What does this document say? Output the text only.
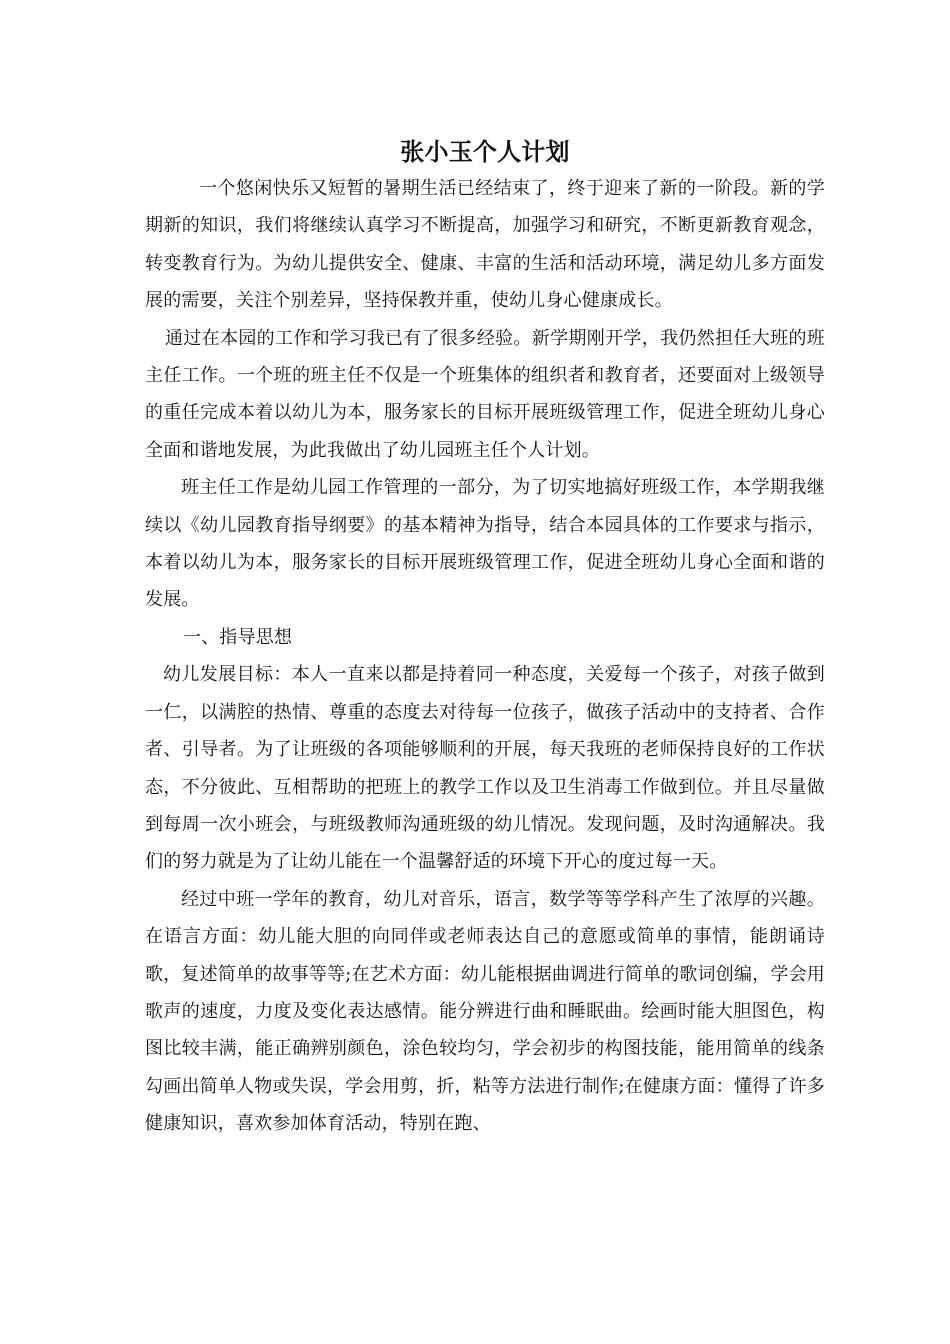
张小玉个人计划

一个悠闲快乐又短暂的暑期生活已经结束了，终于迎来了新的一阶段。新的学期新的知识，我们将继续认真学习不断提高，加强学习和研究，不断更新教育观念，转变教育行为。为幼儿提供安全、健康、丰富的生活和活动环境，满足幼儿多方面发展的需要，关注个别差异，坚持保教并重，使幼儿身心健康成长。

通过在本园的工作和学习我已有了很多经验。新学期刚开学，我仍然担任大班的班主任工作。一个班的班主任不仅是一个班集体的组织者和教育者，还要面对上级领导的重任完成本着以幼儿为本，服务家长的目标开展班级管理工作，促进全班幼儿身心全面和谐地发展，为此我做出了幼儿园班主任个人计划。

班主任工作是幼儿园工作管理的一部分，为了切实地搞好班级工作，本学期我继续以《幼儿园教育指导纲要》的基本精神为指导，结合本园具体的工作要求与指示，本着以幼儿为本，服务家长的目标开展班级管理工作，促进全班幼儿身心全面和谐的发展。

一、指导思想

幼儿发展目标：本人一直来以都是持着同一种态度，关爱每一个孩子，对孩子做到一仁，以满腔的热情、尊重的态度去对待每一位孩子，做孩子活动中的支持者、合作者、引导者。为了让班级的各项能够顺利的开展，每天我班的老师保持良好的工作状态，不分彼此、互相帮助的把班上的教学工作以及卫生消毒工作做到位。并且尽量做到每周一次小班会，与班级教师沟通班级的幼儿情况。发现问题，及时沟通解决。我们的努力就是为了让幼儿能在一个温馨舒适的环境下开心的度过每一天。

经过中班一学年的教育，幼儿对音乐，语言，数学等等学科产生了浓厚的兴趣。在语言方面：幼儿能大胆的向同伴或老师表达自己的意愿或简单的事情，能朗诵诗歌，复述简单的故事等等;在艺术方面：幼儿能根据曲调进行简单的歌词创编，学会用歌声的速度，力度及变化表达感情。能分辨进行曲和睡眠曲。绘画时能大胆图色，构图比较丰满，能正确辨别颜色，涂色较均匀，学会初步的构图技能，能用简单的线条勾画出简单人物或失误，学会用剪，折，粘等方法进行制作;在健康方面：懂得了许多健康知识，喜欢参加体育活动，特别在跑、
